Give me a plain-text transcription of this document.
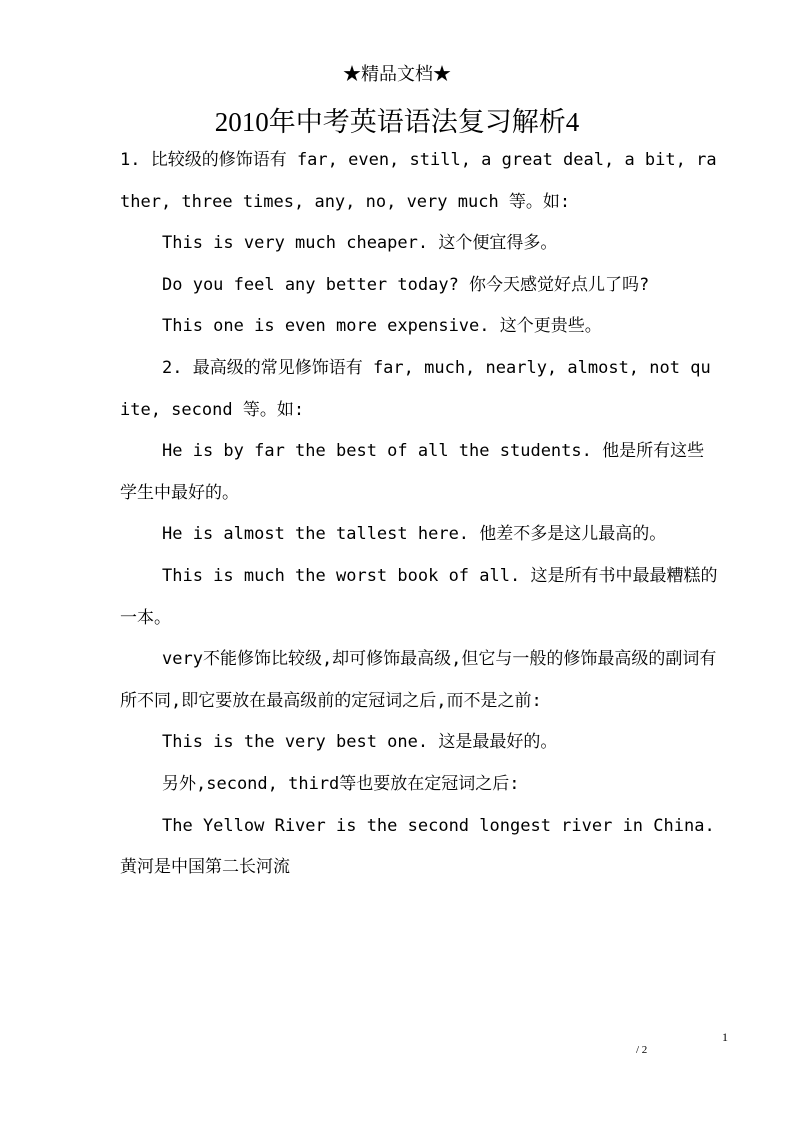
★精品文档★
2010年中考英语语法复习解析4

1. 比较级的修饰语有 far, even, still, a great deal, a bit, rather, three times, any, no, very much 等。如:

This is very much cheaper. 这个便宜得多。

Do you feel any better today? 你今天感觉好点儿了吗?

This one is even more expensive. 这个更贵些。

2. 最高级的常见修饰语有 far, much, nearly, almost, not quite, second 等。如:

He is by far the best of all the students. 他是所有这些学生中最好的。

He is almost the tallest here. 他差不多是这儿最高的。

This is much the worst book of all. 这是所有书中最最糟糕的一本。

very不能修饰比较级,却可修饰最高级,但它与一般的修饰最高级的副词有所不同,即它要放在最高级前的定冠词之后,而不是之前:

This is the very best one. 这是最最好的。

另外,second, third等也要放在定冠词之后:

The Yellow River is the second longest river in China. 黄河是中国第二长河流

1
/ 2
